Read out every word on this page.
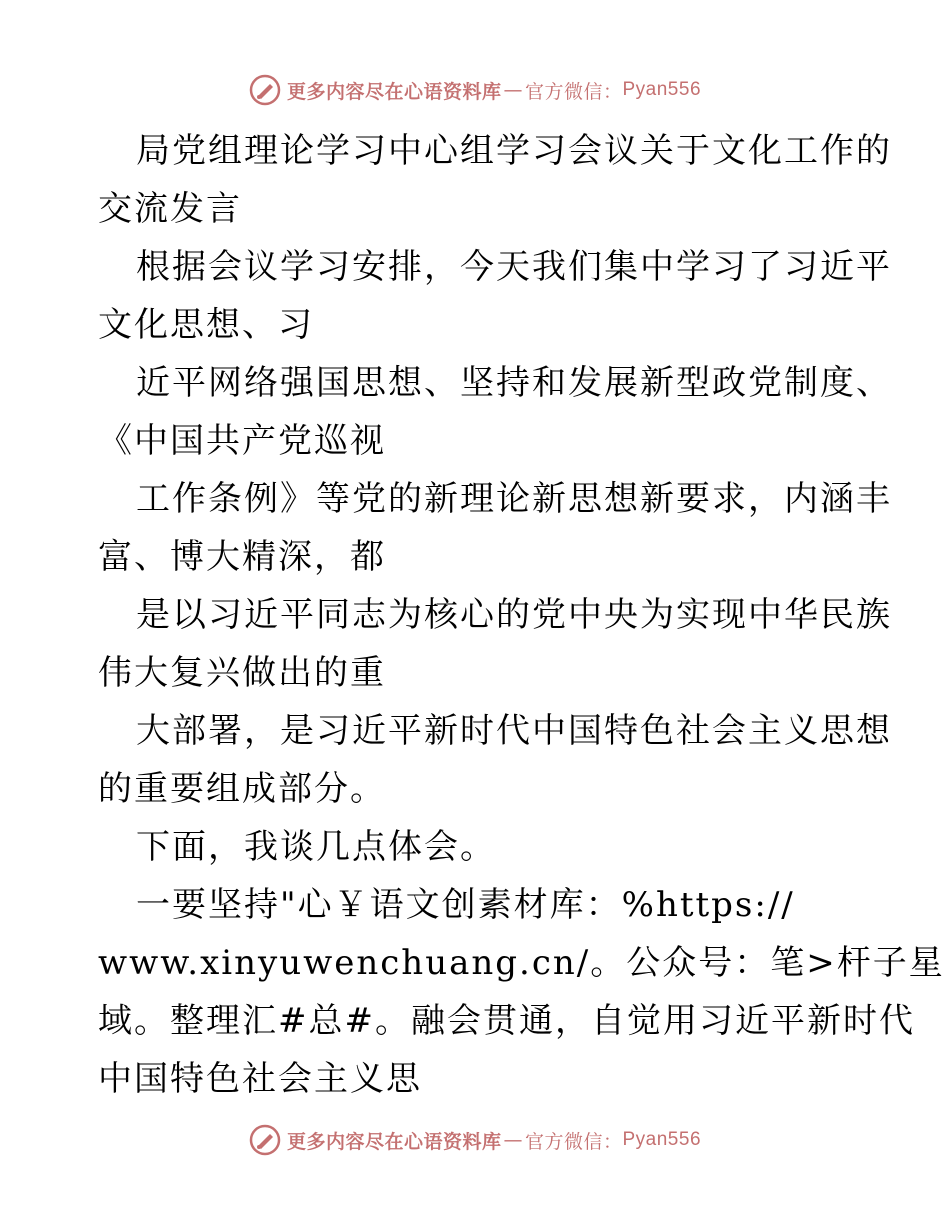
更多内容尽在心语资料库 — 官方微信： Pyan556
局党组理论学习中心组学习会议关于文化工作的
交流发言
根据会议学习安排，今天我们集中学习了习近平
文化思想、习
近平网络强国思想、坚持和发展新型政党制度、
《中国共产党巡视
工作条例》等党的新理论新思想新要求，内涵丰
富、博大精深，都
是以习近平同志为核心的党中央为实现中华民族
伟大复兴做出的重
大部署，是习近平新时代中国特色社会主义思想
的重要组成部分。
下面，我谈几点体会。
一要坚持"心￥语文创素材库：%https://
www.xinyuwenchuang.cn/。公众号：笔>杆子星
域。整理汇#总#。融会贯通，自觉用习近平新时代
中国特色社会主义思
更多内容尽在心语资料库 — 官方微信： Pyan556
